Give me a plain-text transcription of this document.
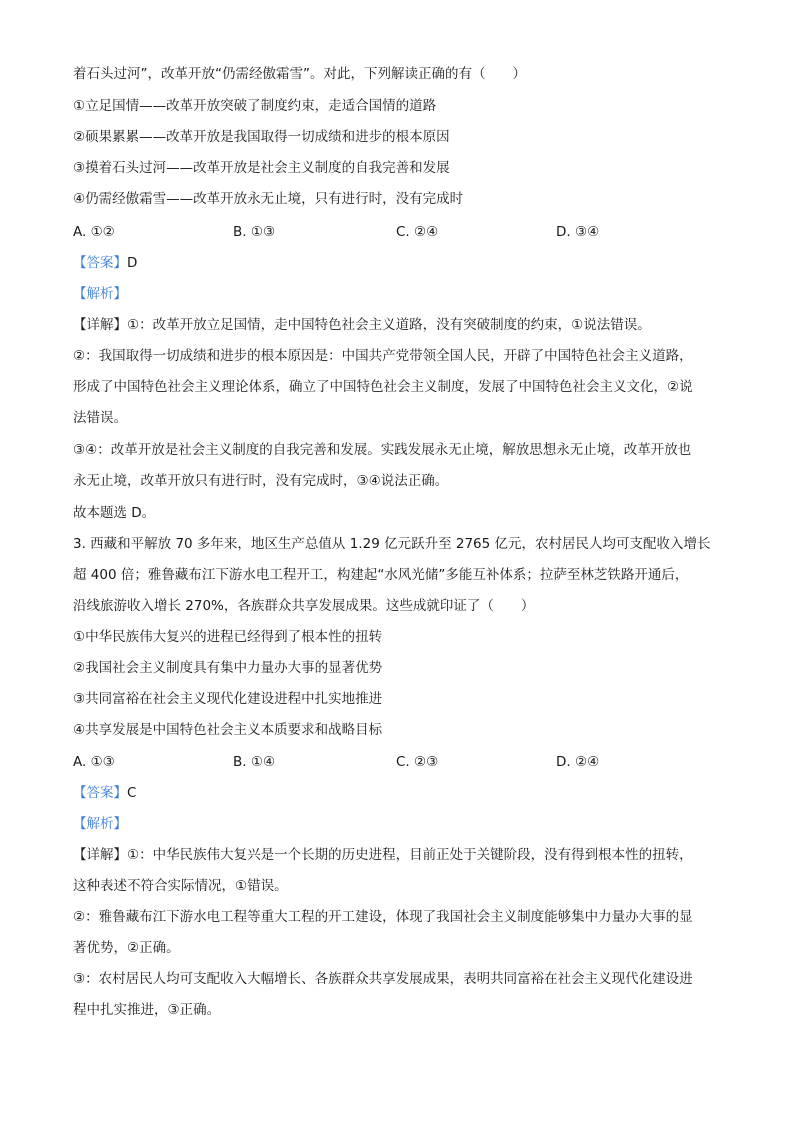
着石头过河”，改革开放“仍需经傲霜雪”。对此，下列解读正确的有（　　）
①立足国情——改革开放突破了制度约束，走适合国情的道路
②硕果累累——改革开放是我国取得一切成绩和进步的根本原因
③摸着石头过河——改革开放是社会主义制度的自我完善和发展
④仍需经傲霜雪——改革开放永无止境，只有进行时，没有完成时
A. ①②	B. ①③	C. ②④	D. ③④
【答案】D
【解析】
【详解】①：改革开放立足国情，走中国特色社会主义道路，没有突破制度的约束，①说法错误。
②：我国取得一切成绩和进步的根本原因是：中国共产党带领全国人民，开辟了中国特色社会主义道路，
形成了中国特色社会主义理论体系，确立了中国特色社会主义制度，发展了中国特色社会主义文化，②说
法错误。
③④：改革开放是社会主义制度的自我完善和发展。实践发展永无止境，解放思想永无止境，改革开放也
永无止境，改革开放只有进行时，没有完成时，③④说法正确。
故本题选 D。
3. 西藏和平解放 70 多年来，地区生产总值从 1.29 亿元跃升至 2765 亿元，农村居民人均可支配收入增长
超 400 倍；雅鲁藏布江下游水电工程开工，构建起“水风光储”多能互补体系；拉萨至林芝铁路开通后，
沿线旅游收入增长 270%，各族群众共享发展成果。这些成就印证了（　　）
①中华民族伟大复兴的进程已经得到了根本性的扭转
②我国社会主义制度具有集中力量办大事的显著优势
③共同富裕在社会主义现代化建设进程中扎实地推进
④共享发展是中国特色社会主义本质要求和战略目标
A. ①③	B. ①④	C. ②③	D. ②④
【答案】C
【解析】
【详解】①：中华民族伟大复兴是一个长期的历史进程，目前正处于关键阶段，没有得到根本性的扭转，
这种表述不符合实际情况，①错误。
②：雅鲁藏布江下游水电工程等重大工程的开工建设，体现了我国社会主义制度能够集中力量办大事的显
著优势，②正确。
③：农村居民人均可支配收入大幅增长、各族群众共享发展成果，表明共同富裕在社会主义现代化建设进
程中扎实推进，③正确。
